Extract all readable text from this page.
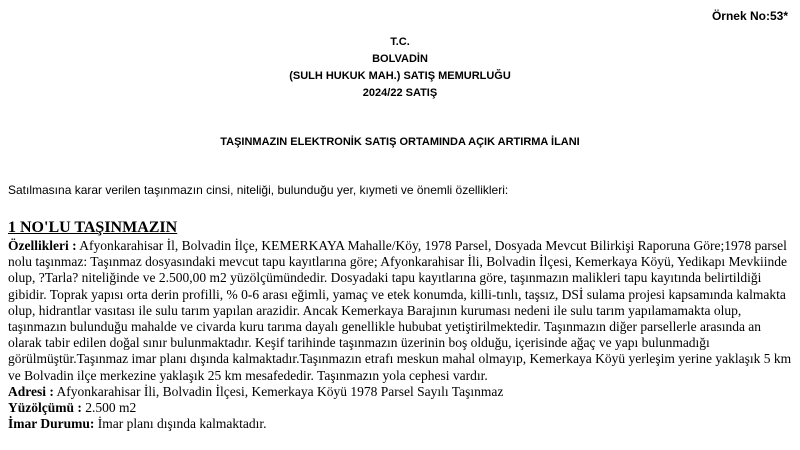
Örnek No:53*
T.C.
BOLVADİN
(SULH HUKUK MAH.) SATIŞ MEMURLUĞU
2024/22 SATIŞ
TAŞINMAZIN ELEKTRONİK SATIŞ ORTAMINDA AÇIK ARTIRMA İLANI
Satılmasına karar verilen taşınmazın cinsi, niteliği, bulunduğu yer, kıymeti ve önemli özellikleri:
1 NO'LU TAŞINMAZIN

Özellikleri : Afyonkarahisar İl, Bolvadin İlçe, KEMERKAYA Mahalle/Köy, 1978 Parsel, Dosyada Mevcut Bilirkişi Raporuna Göre;1978 parsel nolu taşınmaz: Taşınmaz dosyasındaki mevcut tapu kayıtlarına göre; Afyonkarahisar İli, Bolvadin İlçesi, Kemerkaya Köyü, Yedikapı Mevkiinde olup, ?Tarla? niteliğinde ve 2.500,00 m2 yüzölçümündedir. Dosyadaki tapu kayıtlarına göre, taşınmazın malikleri tapu kayıtında belirtildiği gibidir. Toprak yapısı orta derin profilli, % 0-6 arası eğimli, yamaç ve etek konumda, killi-tınlı, taşsız, DSİ sulama projesi kapsamında kalmakta olup, hidrantlar vasıtası ile sulu tarım yapılan arazidir. Ancak Kemerkaya Barajının kuruması nedeni ile sulu tarım yapılamamakta olup, taşınmazın bulunduğu mahalde ve civarda kuru tarıma dayalı genellikle hububat yetiştirilmektedir. Taşınmazın diğer parsellerle arasında an olarak tabir edilen doğal sınır bulunmaktadır. Keşif tarihinde taşınmazın üzerinin boş olduğu, içerisinde ağaç ve yapı bulunmadığı görülmüştür.Taşınmaz imar planı dışında kalmaktadır.Taşınmazın etrafı meskun mahal olmayıp, Kemerkaya Köyü yerleşim yerine yaklaşık 5 km ve Bolvadin ilçe merkezine yaklaşık 25 km mesafededir. Taşınmazın yola cephesi vardır.

Adresi : Afyonkarahisar İli, Bolvadin İlçesi, Kemerkaya Köyü 1978 Parsel Sayılı Taşınmaz

Yüzölçümü : 2.500 m2

İmar Durumu: İmar planı dışında kalmaktadır.
